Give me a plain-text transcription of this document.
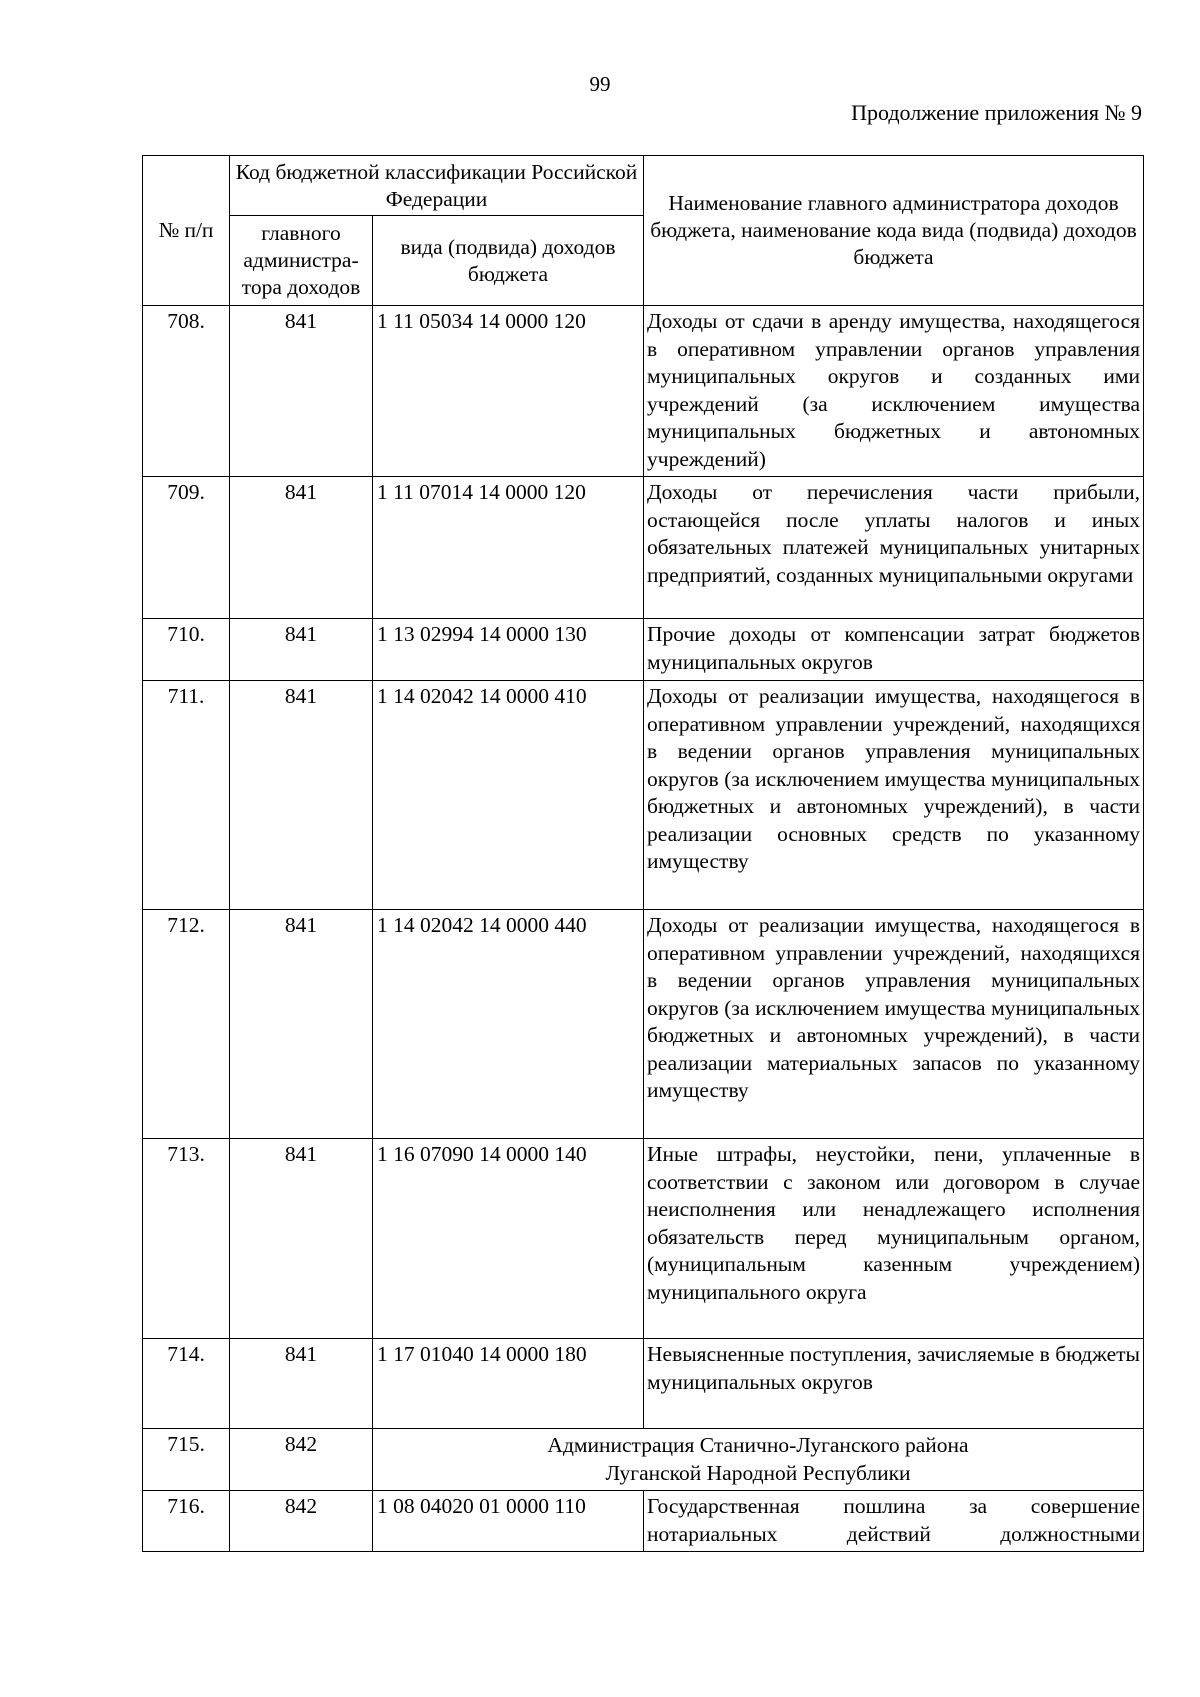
99
Продолжение приложения № 9
№ п/п	Код бюджетной классификации Российской Федерации		Наименование главного администратора доходов бюджета, наименование кода вида (подвида) доходов бюджета
	главного администра-тора доходов	вида (подвида) доходов бюджета	
708.	841	1 11 05034 14 0000 120	Доходы от сдачи в аренду имущества, находящегося в оперативном управлении органов управления муниципальных округов и созданных ими учреждений (за исключением имущества муниципальных бюджетных и автономных учреждений)
709.	841	1 11 07014 14 0000 120	Доходы от перечисления части прибыли, остающейся после уплаты налогов и иных обязательных платежей муниципальных унитарных предприятий, созданных муниципальными округами
710.	841	1 13 02994 14 0000 130	Прочие доходы от компенсации затрат бюджетов муниципальных округов
711.	841	1 14 02042 14 0000 410	Доходы от реализации имущества, находящегося в оперативном управлении учреждений, находящихся в ведении органов управления муниципальных округов (за исключением имущества муниципальных бюджетных и автономных учреждений), в части реализации основных средств по указанному имуществу
712.	841	1 14 02042 14 0000 440	Доходы от реализации имущества, находящегося в оперативном управлении учреждений, находящихся в ведении органов управления муниципальных округов (за исключением имущества муниципальных бюджетных и автономных учреждений), в части реализации материальных запасов по указанному имуществу
713.	841	1 16 07090 14 0000 140	Иные штрафы, неустойки, пени, уплаченные в соответствии с законом или договором в случае неисполнения или ненадлежащего исполнения обязательств перед муниципальным органом, (муниципальным казенным учреждением) муниципального округа
714.	841	1 17 01040 14 0000 180	Невыясненные поступления, зачисляемые в бюджеты муниципальных округов
715.	842	Администрация Станично-Луганского района
Луганской Народной Республики	

716.	842	1 08 04020 01 0000 110	Государственная пошлина за совершение нотариальных действий должностными
